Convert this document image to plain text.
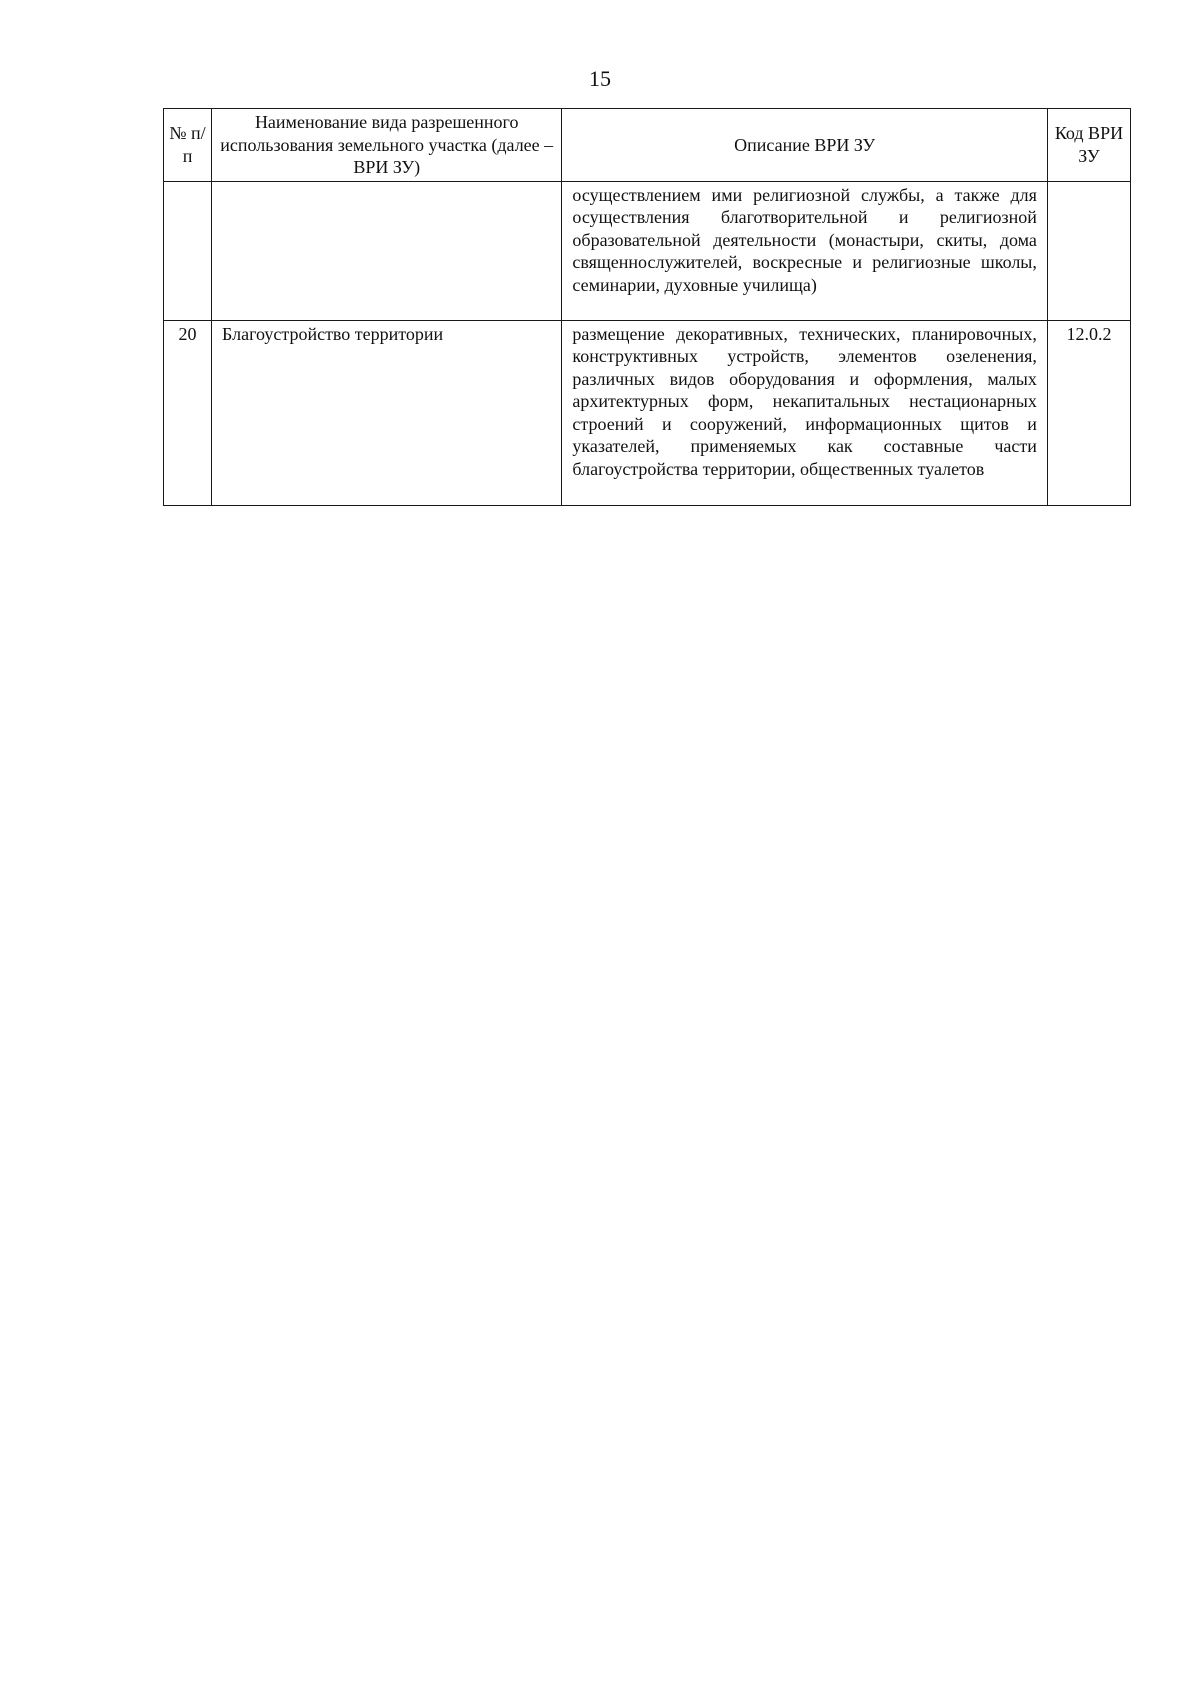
15
№ п/п	Наименование вида разрешенного использования земельного участка (далее – ВРИ ЗУ)	Описание ВРИ ЗУ	Код ВРИ ЗУ
		осуществлением ими религиозной службы, а также для осуществления благотворительной и религиозной образовательной деятельности (монастыри, скиты, дома священнослужителей, воскресные и религиозные школы, семинарии, духовные училища)	
20	Благоустройство территории	размещение декоративных, технических, планировочных, конструктивных устройств, элементов озеленения, различных видов оборудования и оформления, малых архитектурных форм, некапитальных нестационарных строений и сооружений, информационных щитов и указателей, применяемых как составные части благоустройства территории, общественных туалетов	12.0.2
